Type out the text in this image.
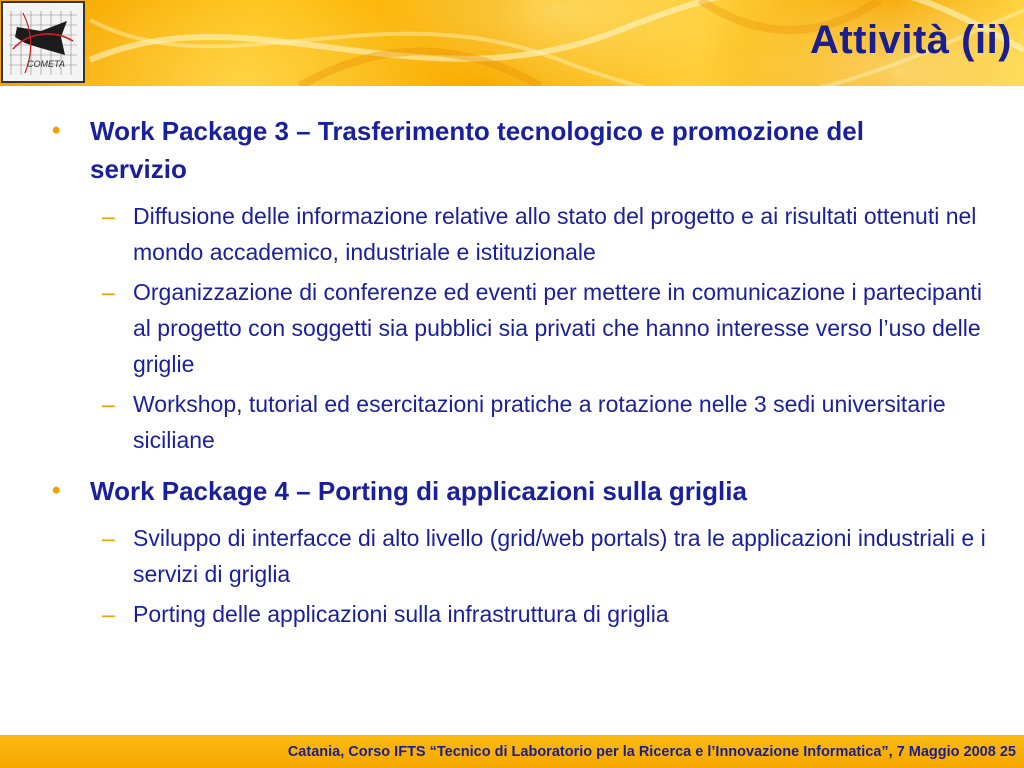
COMETA
Attività (ii)
• Work Package 3 – Trasferimento tecnologico e promozione del servizio
– Diffusione delle informazione relative allo stato del progetto e ai risultati ottenuti nel mondo accademico, industriale e istituzionale
– Organizzazione di conferenze ed eventi per mettere in comunicazione i partecipanti al progetto con soggetti sia pubblici sia privati che hanno interesse verso l’uso delle griglie
– Workshop, tutorial ed esercitazioni pratiche a rotazione nelle 3 sedi universitarie siciliane
• Work Package 4 – Porting di applicazioni sulla griglia
– Sviluppo di interfacce di alto livello (grid/web portals) tra le applicazioni industriali e i servizi di griglia
– Porting delle applicazioni sulla infrastruttura di griglia
Catania, Corso IFTS “Tecnico di Laboratorio per la Ricerca e l’Innovazione Informatica”, 7 Maggio 2008 25
